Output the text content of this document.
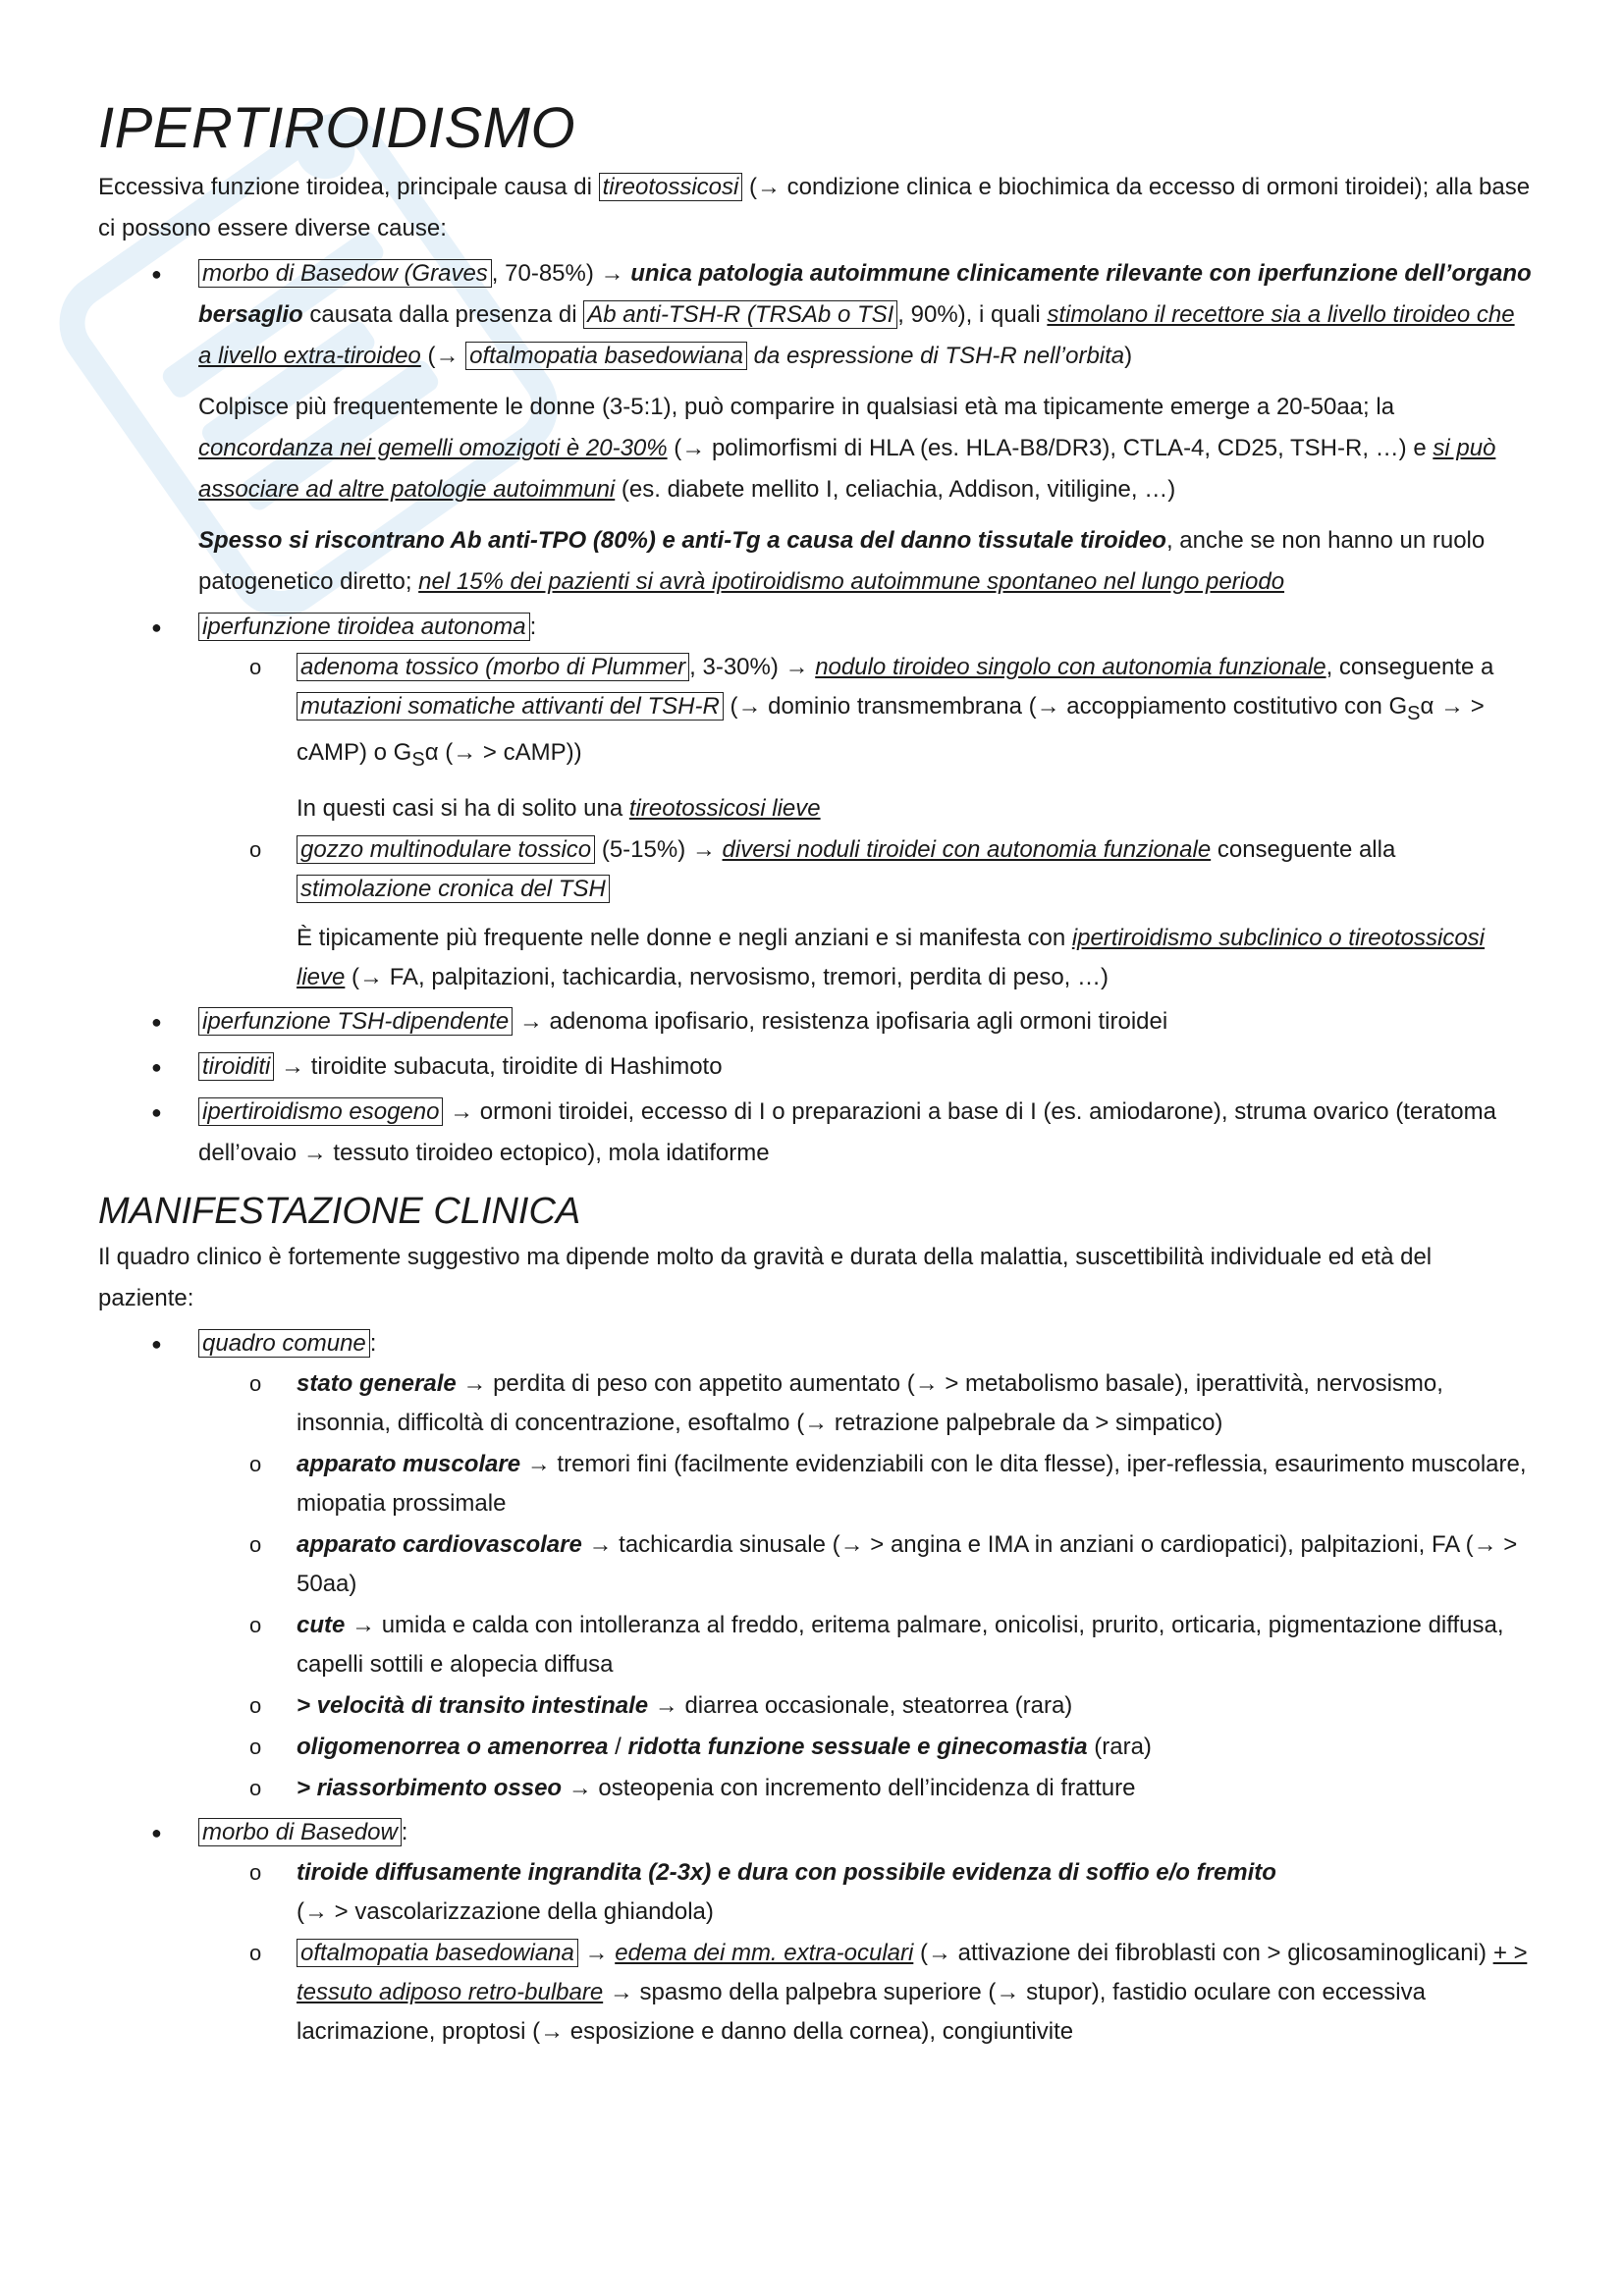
IPERTIROIDISMO

Eccessiva funzione tiroidea, principale causa di tireotossicosi (→ condizione clinica e biochimica da eccesso di ormoni tiroidei); alla base ci possono essere diverse cause:

● morbo di Basedow (Graves , 70-85%) → unica patologia autoimmune clinicamente rilevante con iperfunzione dell’organo bersaglio causata dalla presenza di Ab anti-TSH-R (TRSAb o TSI , 90%), i quali stimolano il recettore sia a livello tiroideo che a livello extra-tiroideo (→ oftalmopatia basedowiana da espressione di TSH-R nell’orbita)
Colpisce più frequentemente le donne (3-5:1), può comparire in qualsiasi età ma tipicamente emerge a 20-50aa; la concordanza nei gemelli omozigoti è 20-30% (→ polimorfismi di HLA (es. HLA-B8/DR3), CTLA-4, CD25, TSH-R, …) e si può associare ad altre patologie autoimmuni (es. diabete mellito I, celiachia, Addison, vitiligine, …)
Spesso si riscontrano Ab anti-TPO (80%) e anti-Tg a causa del danno tissutale tiroideo, anche se non hanno un ruolo patogenetico diretto; nel 15% dei pazienti si avrà ipotiroidismo autoimmune spontaneo nel lungo periodo
● iperfunzione tiroidea autonoma :
o adenoma tossico (morbo di Plummer , 3-30%) → nodulo tiroideo singolo con autonomia funzionale, conseguente a mutazioni somatiche attivanti del TSH-R (→ dominio transmembrana (→ accoppiamento costitutivo con $G_S\alpha$ → > cAMP) o $G_S\alpha$ (→ > cAMP))
In questi casi si ha di solito una tireotossicosi lieve
o gozzo multinodulare tossico (5-15%) → diversi noduli tiroidei con autonomia funzionale conseguente alla stimolazione cronica del TSH
È tipicamente più frequente nelle donne e negli anziani e si manifesta con ipertiroidismo subclinico o tireotossicosi lieve (→ FA, palpitazioni, tachicardia, nervosismo, tremori, perdita di peso, …)
● iperfunzione TSH-dipendente → adenoma ipofisario, resistenza ipofisaria agli ormoni tiroidei
● tiroiditi → tiroidite subacuta, tiroidite di Hashimoto
● ipertiroidismo esogeno → ormoni tiroidei, eccesso di I o preparazioni a base di I (es. amiodarone), struma ovarico (teratoma dell’ovaio → tessuto tiroideo ectopico), mola idatiforme
MANIFESTAZIONE CLINICA

Il quadro clinico è fortemente suggestivo ma dipende molto da gravità e durata della malattia, suscettibilità individuale ed età del paziente:

● quadro comune :
o stato generale → perdita di peso con appetito aumentato (→ > metabolismo basale), iperattività, nervosismo, insonnia, difficoltà di concentrazione, esoftalmo (→ retrazione palpebrale da > simpatico)
o apparato muscolare → tremori fini (facilmente evidenziabili con le dita flesse), iper-reflessia, esaurimento muscolare, miopatia prossimale
o apparato cardiovascolare → tachicardia sinusale (→ > angina e IMA in anziani o cardiopatici), palpitazioni, FA (→ > 50aa)
o cute → umida e calda con intolleranza al freddo, eritema palmare, onicolisi, prurito, orticaria, pigmentazione diffusa, capelli sottili e alopecia diffusa
o > velocità di transito intestinale → diarrea occasionale, steatorrea (rara)
o oligomenorrea o amenorrea / ridotta funzione sessuale e ginecomastia (rara)
o > riassorbimento osseo → osteopenia con incremento dell’incidenza di fratture
● morbo di Basedow :
o tiroide diffusamente ingrandita (2-3x) e dura con possibile evidenza di soffio e/o fremito
(→ > vascolarizzazione della ghiandola)
o oftalmopatia basedowiana → edema dei mm. extra-oculari (→ attivazione dei fibroblasti con > glicosaminoglicani) + > tessuto adiposo retro-bulbare → spasmo della palpebra superiore (→ stupor), fastidio oculare con eccessiva lacrimazione, proptosi (→ esposizione e danno della cornea), congiuntivite
